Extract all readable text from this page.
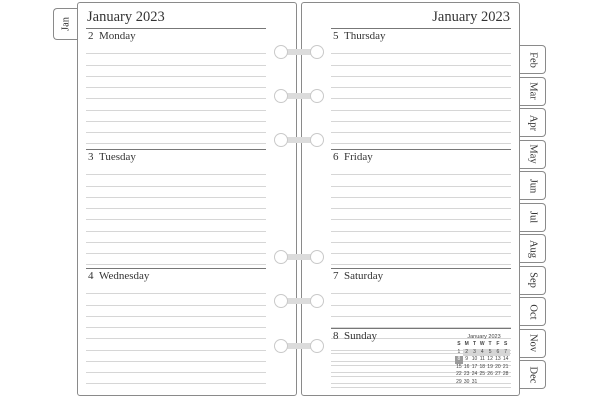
Jan January 2023
2 Monday
3 Tuesday
4 Wednesday
January 2023
5 Thursday
6 Friday
7 Saturday
8 Sunday
Feb
Mar
Apr
May
Jun
Jul
Aug
Sep
Oct
Nov
Dec
January 2023
S M T W T F S
1	2	3	4	5	6	7
8	9 10 11 12 13 14
15 16 17 18 19 20 21
22 23 24 25 26 27 28
29 30 31
